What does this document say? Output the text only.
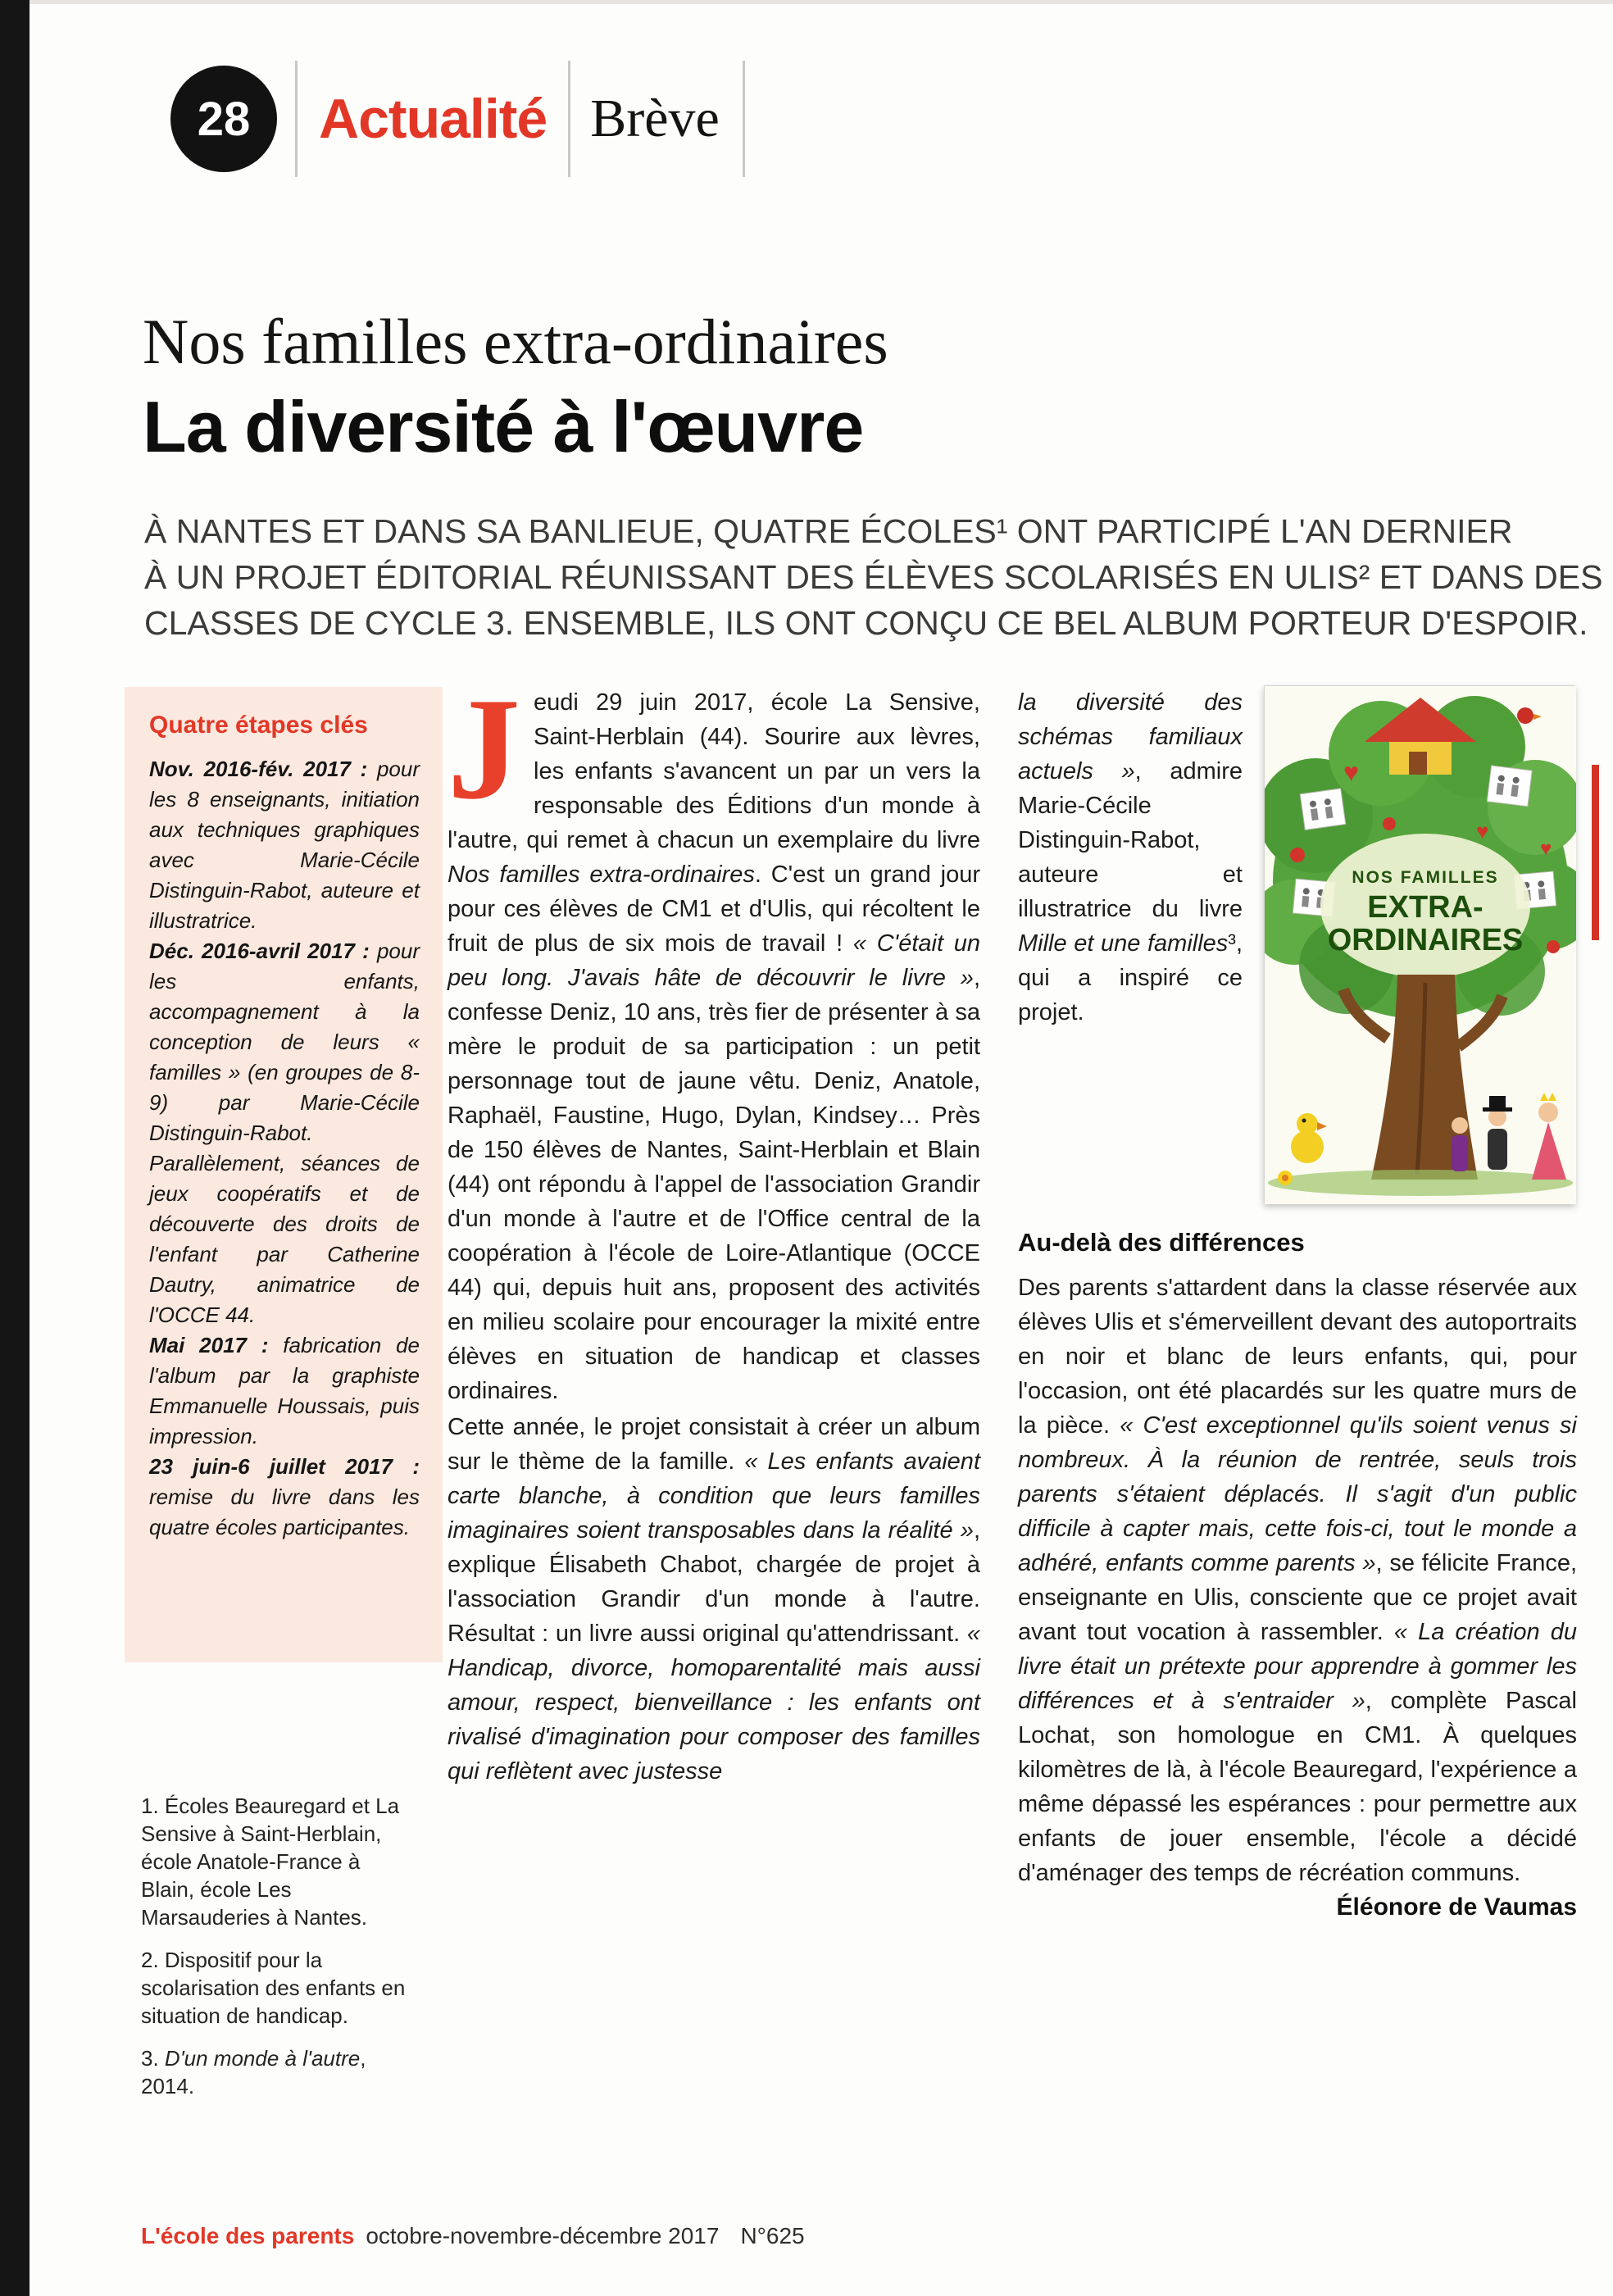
28	Actualité Brève
Nos familles extra-ordinaires
La diversité à l'œuvre
À NANTES ET DANS SA BANLIEUE, QUATRE ÉCOLES¹ ONT PARTICIPÉ L'AN DERNIER
À UN PROJET ÉDITORIAL RÉUNISSANT DES ÉLÈVES SCOLARISÉS EN ULIS² ET DANS DES
CLASSES DE CYCLE 3. ENSEMBLE, ILS ONT CONÇU CE BEL ALBUM PORTEUR D'ESPOIR.
Quatre étapes clés

Nov. 2016-fév. 2017 : pour les 8 enseignants, initiation aux techniques graphiques avec Marie-Cécile Distinguin-Rabot, auteure et illustratrice.

Déc. 2016-avril 2017 : pour les enfants, accompagnement à la conception de leurs « familles » (en groupes de 8-9) par Marie-Cécile Distinguin-Rabot. Parallèlement, séances de jeux coopératifs et de découverte des droits de l'enfant par Catherine Dautry, animatrice de l'OCCE 44.

Mai 2017 : fabrication de l'album par la graphiste Emmanuelle Houssais, puis impression.

23 juin-6 juillet 2017 : remise du livre dans les quatre écoles participantes.

1. Écoles Beauregard et La Sensive à Saint-Herblain, école Anatole-France à Blain, école Les Marsauderies à Nantes.
2. Dispositif pour la scolarisation des enfants en situation de handicap.
3. D'un monde à l'autre, 2014.

Jeudi 29 juin 2017, école La Sensive, Saint-Herblain (44). Sourire aux lèvres, les enfants s'avancent un par un vers la responsable des Éditions d'un monde à l'autre, qui remet à chacun un exemplaire du livre Nos familles extra-ordinaires. C'est un grand jour pour ces élèves de CM1 et d'Ulis, qui récoltent le fruit de plus de six mois de travail ! « C'était un peu long. J'avais hâte de découvrir le livre », confesse Deniz, 10 ans, très fier de présenter à sa mère le produit de sa participation : un petit personnage tout de jaune vêtu. Deniz, Anatole, Raphaël, Faustine, Hugo, Dylan, Kindsey… Près de 150 élèves de Nantes, Saint-Herblain et Blain (44) ont répondu à l'appel de l'association Grandir d'un monde à l'autre et de l'Office central de la coopération à l'école de Loire-Atlantique (OCCE 44) qui, depuis huit ans, proposent des activités en milieu scolaire pour encourager la mixité entre élèves en situation de handicap et classes ordinaires.

Cette année, le projet consistait à créer un album sur le thème de la famille. « Les enfants avaient carte blanche, à condition que leurs familles imaginaires soient transposables dans la réalité », explique Élisabeth Chabot, chargée de projet à l'association Grandir d'un monde à l'autre. Résultat : un livre aussi original qu'attendrissant. « Handicap, divorce, homoparentalité mais aussi amour, respect, bienveillance : les enfants ont rivalisé d'imagination pour composer des familles qui reflètent avec justesse

la diversité des schémas familiaux actuels », admire Marie-Cécile Distinguin-Rabot, auteure et illustratrice du livre Mille et une familles³, qui a inspiré ce projet.

♥
♥
♥
NOS FAMILLES
EXTRA-
ORDINAIRES
Au-delà des différences

Des parents s'attardent dans la classe réservée aux élèves Ulis et s'émerveillent devant des autoportraits en noir et blanc de leurs enfants, qui, pour l'occasion, ont été placardés sur les quatre murs de la pièce. « C'est exceptionnel qu'ils soient venus si nombreux. À la réunion de rentrée, seuls trois parents s'étaient déplacés. Il s'agit d'un public difficile à capter mais, cette fois-ci, tout le monde a adhéré, enfants comme parents », se félicite France, enseignante en Ulis, consciente que ce projet avait avant tout vocation à rassembler. « La création du livre était un prétexte pour apprendre à gommer les différences et à s'entraider », complète Pascal Lochat, son homologue en CM1. À quelques kilomètres de là, à l'école Beauregard, l'expérience a même dépassé les espérances : pour permettre aux enfants de jouer ensemble, l'école a décidé d'aménager des temps de récréation communs.
Éléonore de Vaumas

L'école des parents octobre-novembre-décembre 2017 N°625
